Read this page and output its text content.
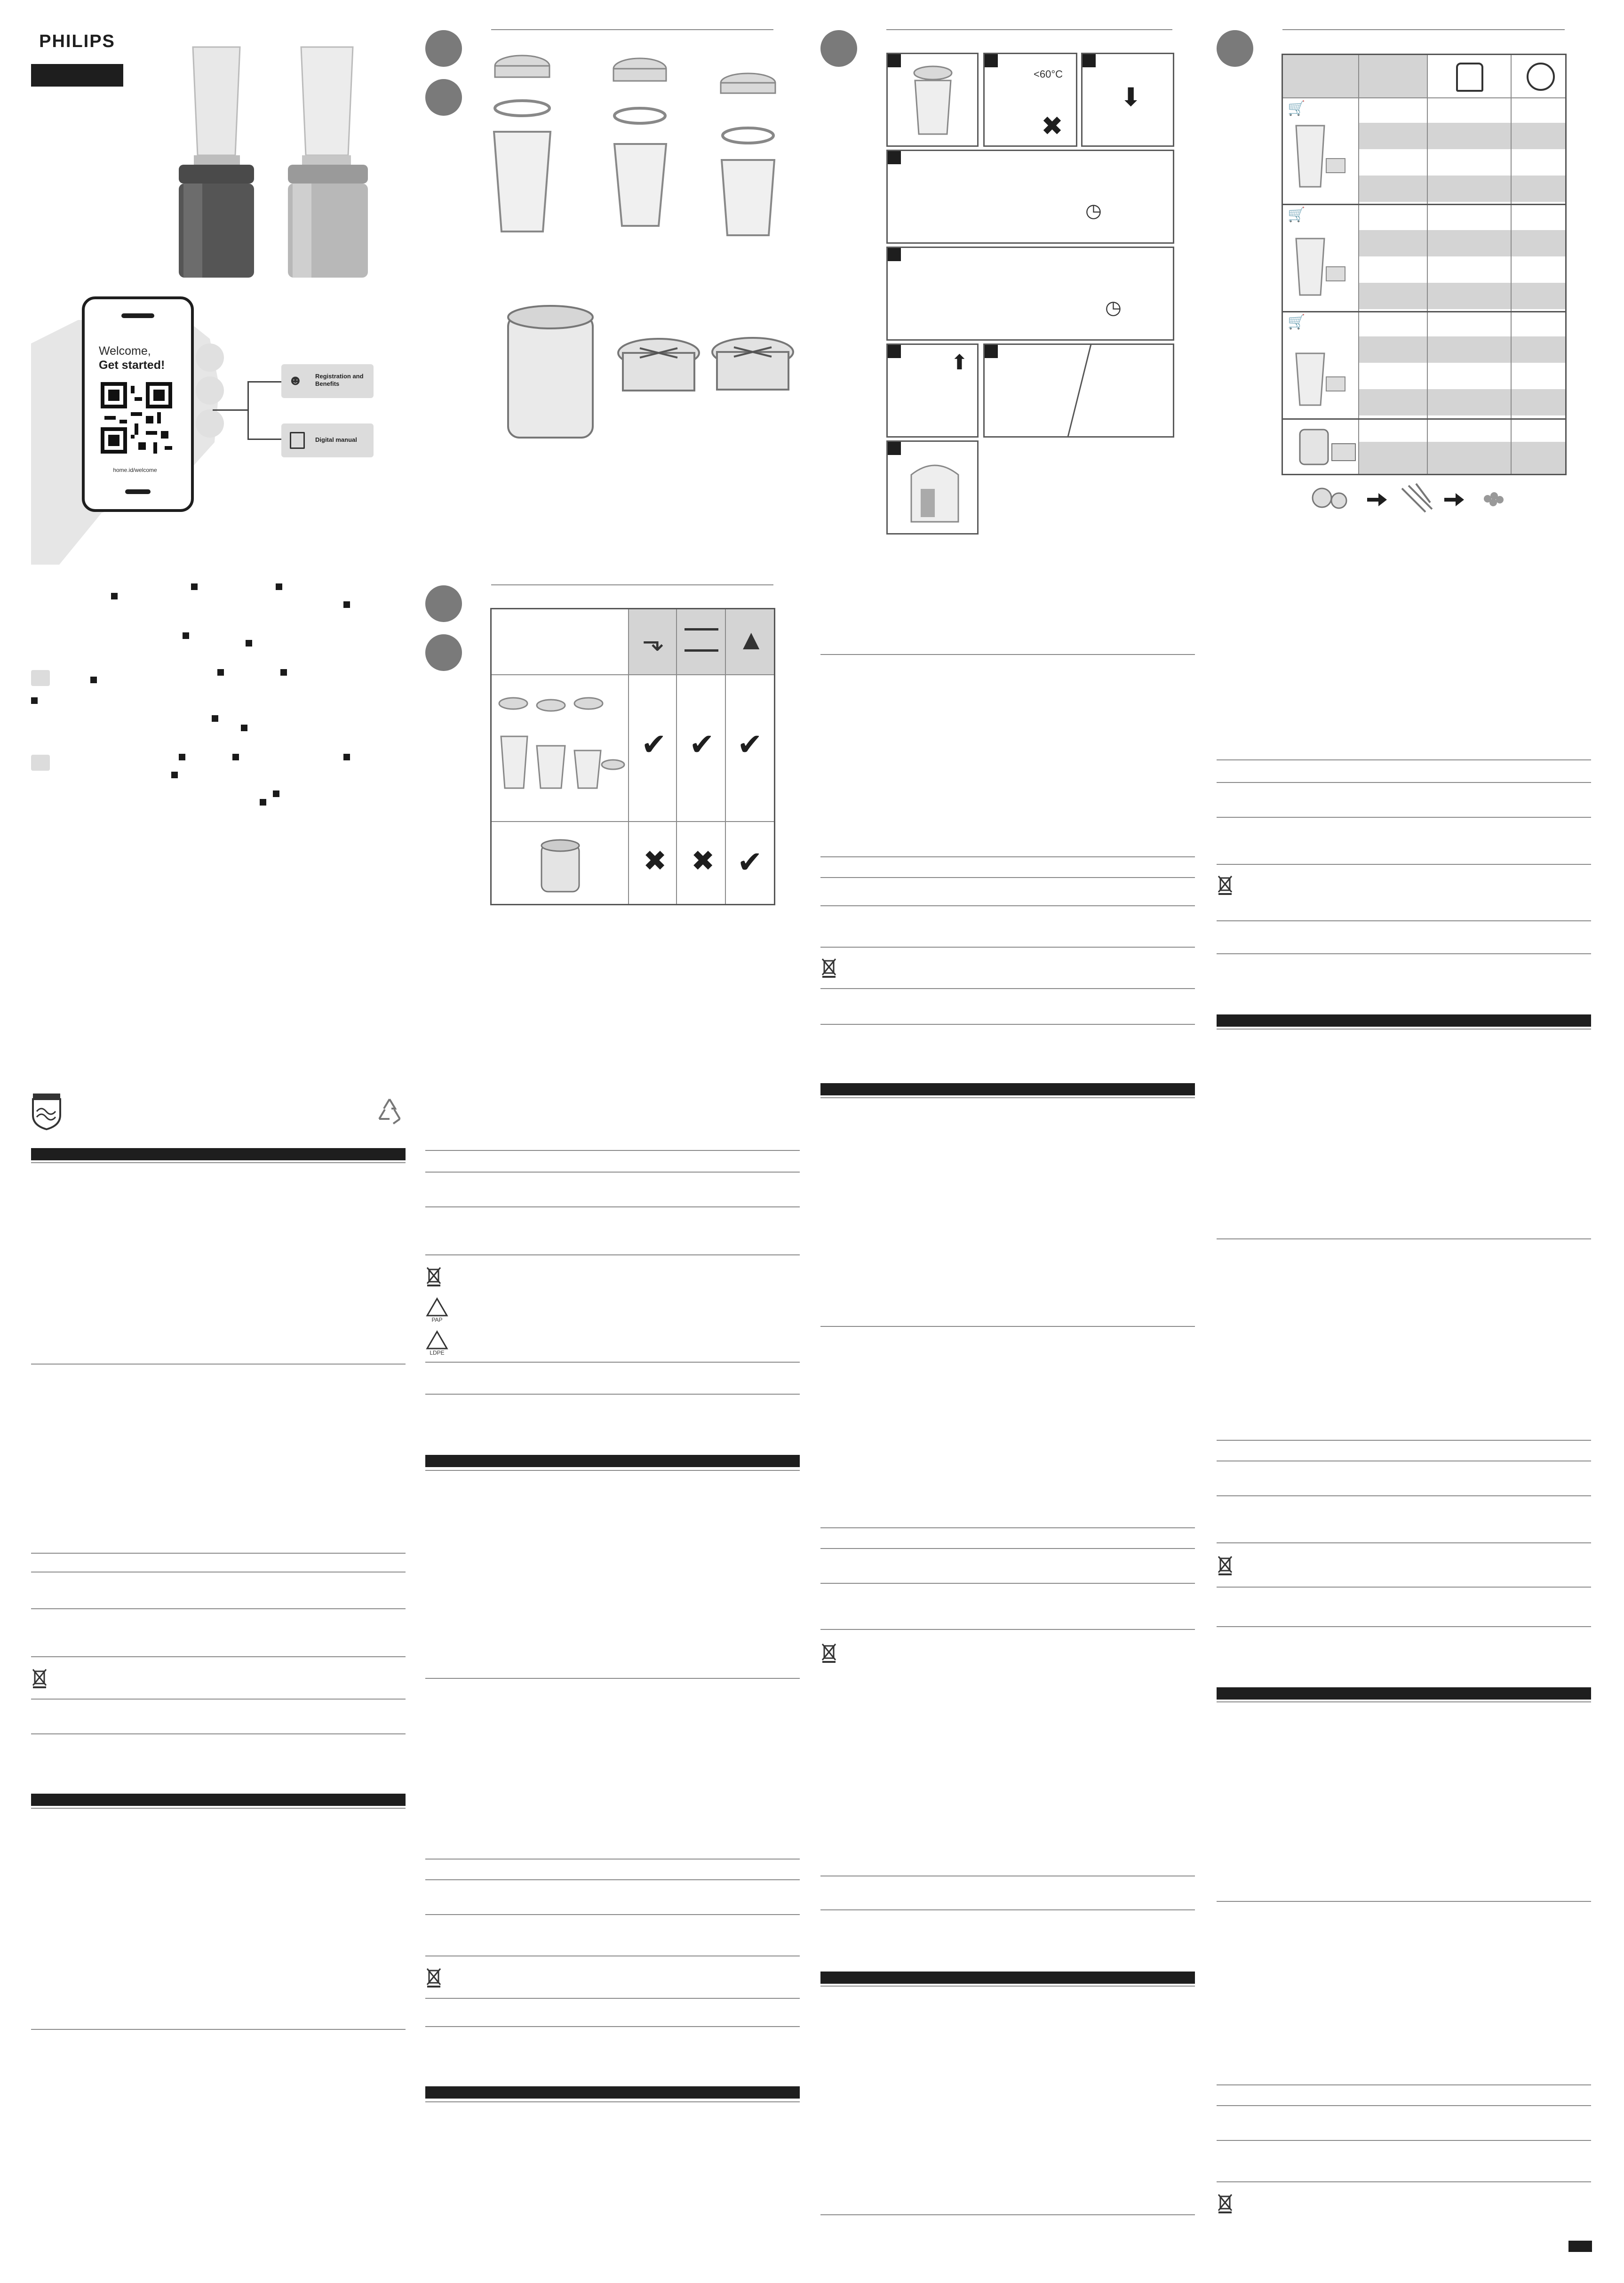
PHILIPS
Welcome,
Get started!
home.id/welcome
☻ Registration and Benefits
Digital manual
⬎	▲
✔ ✔ ✔
✖ ✖ ✔
PAP
LDPE
<60°C
✖
⬇
◷
◷
⬆
🛒
🛒
🛒
